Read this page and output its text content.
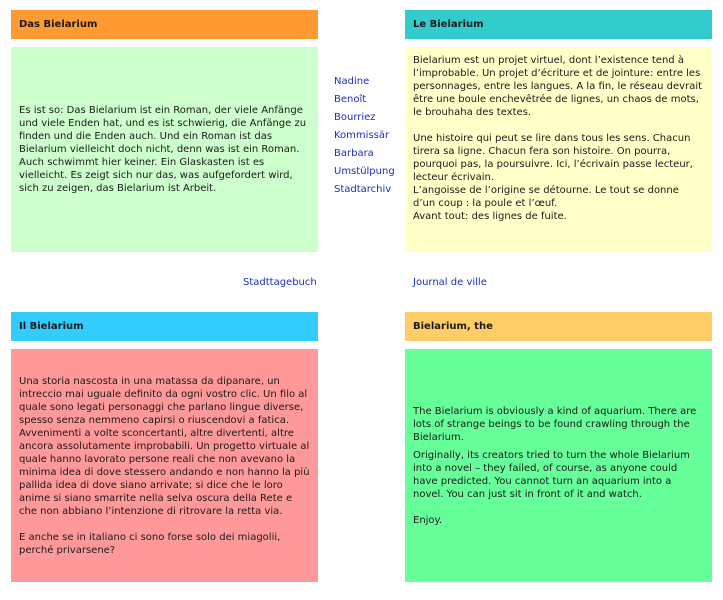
Das Bielarium

Es ist so: Das Bielarium ist ein Roman, der viele Anfänge und viele Enden hat, und es ist schwierig, die Anfänge zu finden und die Enden auch. Und ein Roman ist das Bielarium vielleicht doch nicht, denn was ist ein Roman. Auch schwimmt hier keiner. Ein Glaskasten ist es vielleicht. Es zeigt sich nur das, was aufgefordert wird, sich zu zeigen, das Bielarium ist Arbeit.

Le Bielarium

Bielarium est un projet virtuel, dont l’existence tend à l’improbable. Un projet d’écriture et de jointure: entre les personnages, entre les langues. A la fin, le réseau devrait être une boule enchevêtrée de lignes, un chaos de mots, le brouhaha des textes.

Une histoire qui peut se lire dans tous les sens. Chacun tirera sa ligne. Chacun fera son histoire. On pourra, pourquoi pas, la poursuivre. Ici, l’écrivain passe lecteur, lecteur écrivain.
L’angoisse de l’origine se détourne. Le tout se donne d’un coup : la poule et l’œuf.
Avant tout: des lignes de fuite.

Nadine
Benoît
Bourriez
Kommissär
Barbara
Umstülpung
Stadtarchiv
Stadttagebuch	Journal de ville
Il Bielarium

Una storia nascosta in una matassa da dipanare, un intreccio mai uguale definito da ogni vostro clic. Un filo al quale sono legati personaggi che parlano lingue diverse, spesso senza nemmeno capirsi o riuscendovi a fatica. Avvenimenti a volte sconcertanti, altre divertenti, altre ancora assolutamente improbabili. Un progetto virtuale al quale hanno lavorato persone reali che non avevano la minima idea di dove stessero andando e non hanno la più pallida idea di dove siano arrivate; si dice che le loro anime si siano smarrite nella selva oscura della Rete e che non abbiano l’intenzione di ritrovare la retta via.

E anche se in italiano ci sono forse solo dei miagolii, perché privarsene?

Bielarium, the

The Bielarium is obviously a kind of aquarium. There are lots of strange beings to be found crawling through the Bielarium.

Originally, its creators tried to turn the whole Bielarium into a novel – they failed, of course, as anyone could have predicted. You cannot turn an aquarium into a novel. You can just sit in front of it and watch.

Enjoy.
